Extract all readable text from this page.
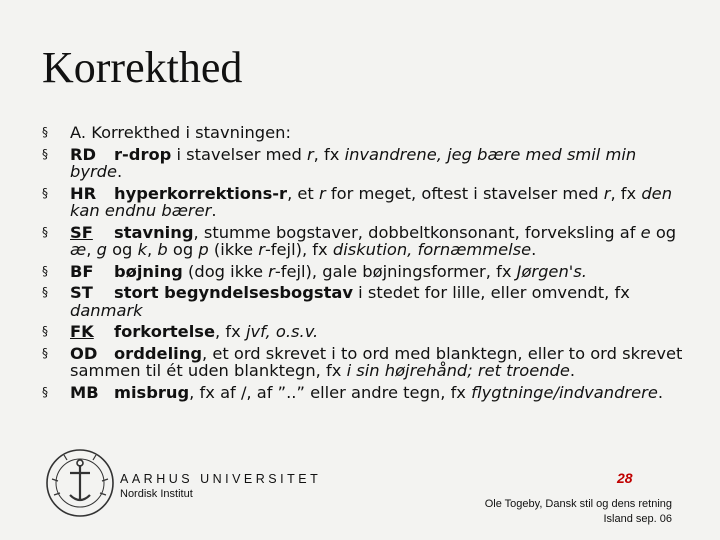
Korrekthed
§ A. Korrekthed i stavningen:
§ RD r-drop i stavelser med r, fx invandrene, jeg bære med smil min byrde.
§ HR hyperkorrektions-r, et r for meget, oftest i stavelser med r, fx den kan endnu bærer.
§ SF stavning, stumme bogstaver, dobbeltkonsonant, forveksling af e og æ, g og k, b og p (ikke r-fejl), fx diskution, fornæmmelse.
§ BF bøjning (dog ikke r-fejl), gale bøjningsformer, fx Jørgen's.
§ ST stort begyndelsesbogstav i stedet for lille, eller omvendt, fx danmark
§ FK forkortelse, fx jvf, o.s.v.
§ OD orddeling, et ord skrevet i to ord med blanktegn, eller to ord skrevet sammen til ét uden blanktegn, fx i sin højrehånd; ret troende.
§ MB misbrug, fx af /, af ”..” eller andre tegn, fx flygtninge/indvandrere.
AARHUS UNIVERSITET
Nordisk Institut
28
Ole Togeby, Dansk stil og dens retning
Island sep. 06
